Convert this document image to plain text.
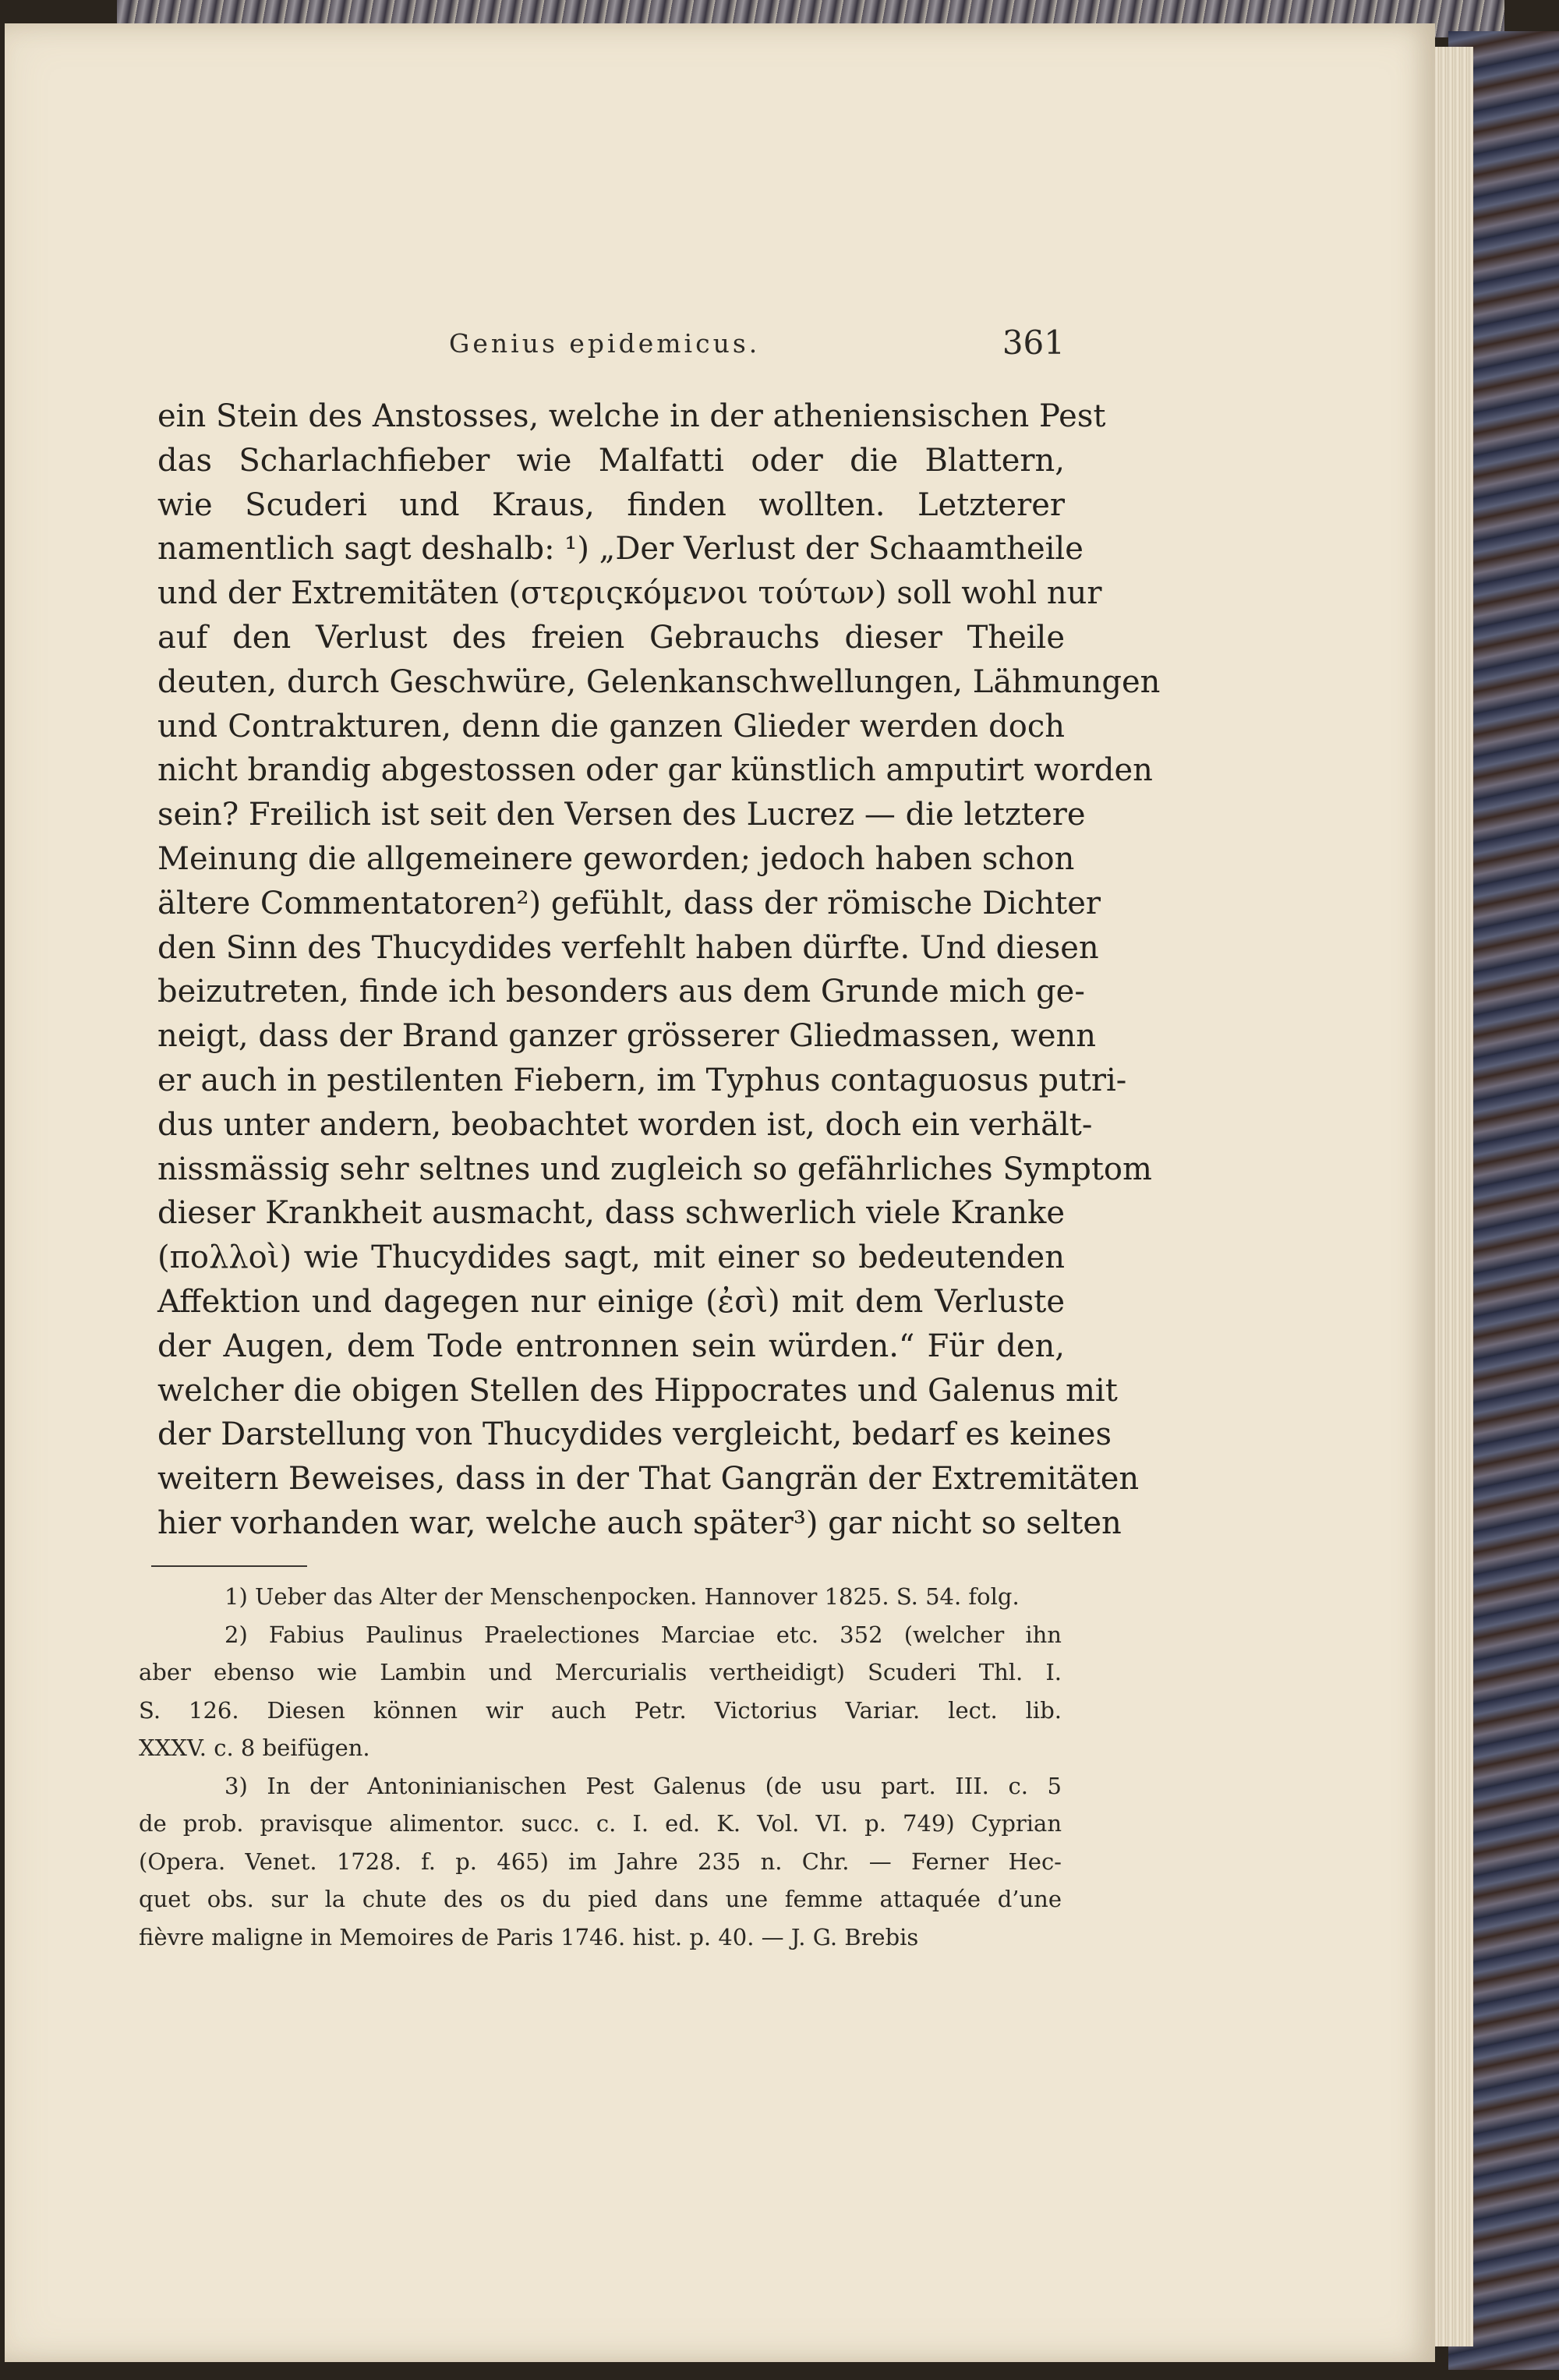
Genius epidemicus.	361

ein Stein des Anstosses, welche in der atheniensischen Pest
das Scharlachfieber wie Malfatti oder die Blattern,
wie Scuderi und Kraus, finden wollten. Letzterer
namentlich sagt deshalb: ¹) „Der Verlust der Schaamtheile
und der Extremitäten (στεριςκόμενοι τούτων) soll wohl nur
auf den Verlust des freien Gebrauchs dieser Theile
deuten, durch Geschwüre, Gelenkanschwellungen, Lähmungen
und Contrakturen, denn die ganzen Glieder werden doch
nicht brandig abgestossen oder gar künstlich amputirt worden
sein? Freilich ist seit den Versen des Lucrez — die letztere
Meinung die allgemeinere geworden; jedoch haben schon
ältere Commentatoren²) gefühlt, dass der römische Dichter
den Sinn des Thucydides verfehlt haben dürfte. Und diesen
beizutreten, finde ich besonders aus dem Grunde mich ge-
neigt, dass der Brand ganzer grösserer Gliedmassen, wenn
er auch in pestilenten Fiebern, im Typhus contaguosus putri-
dus unter andern, beobachtet worden ist, doch ein verhält-
nissmässig sehr seltnes und zugleich so gefährliches Symptom
dieser Krankheit ausmacht, dass schwerlich viele Kranke
(πολλοὶ) wie Thucydides sagt, mit einer so bedeutenden
Affektion und dagegen nur einige (ἐσὶ) mit dem Verluste
der Augen, dem Tode entronnen sein würden.“ Für den,
welcher die obigen Stellen des Hippocrates und Galenus mit
der Darstellung von Thucydides vergleicht, bedarf es keines
weitern Beweises, dass in der That Gangrän der Extremitäten
hier vorhanden war, welche auch später³) gar nicht so selten

1) Ueber das Alter der Menschenpocken. Hannover 1825. S. 54. folg.
2) Fabius Paulinus Praelectiones Marciae etc. 352 (welcher ihn
aber ebenso wie Lambin und Mercurialis vertheidigt) Scuderi Thl. I.
S. 126. Diesen können wir auch Petr. Victorius Variar. lect. lib.
XXXV. c. 8 beifügen.
3) In der Antoninianischen Pest Galenus (de usu part. III. c. 5
de prob. pravisque alimentor. succ. c. I. ed. K. Vol. VI. p. 749) Cyprian
(Opera. Venet. 1728. f. p. 465) im Jahre 235 n. Chr. — Ferner Hec-
quet obs. sur la chute des os du pied dans une femme attaquée d’une
fièvre maligne in Memoires de Paris 1746. hist. p. 40. — J. G. Brebis
